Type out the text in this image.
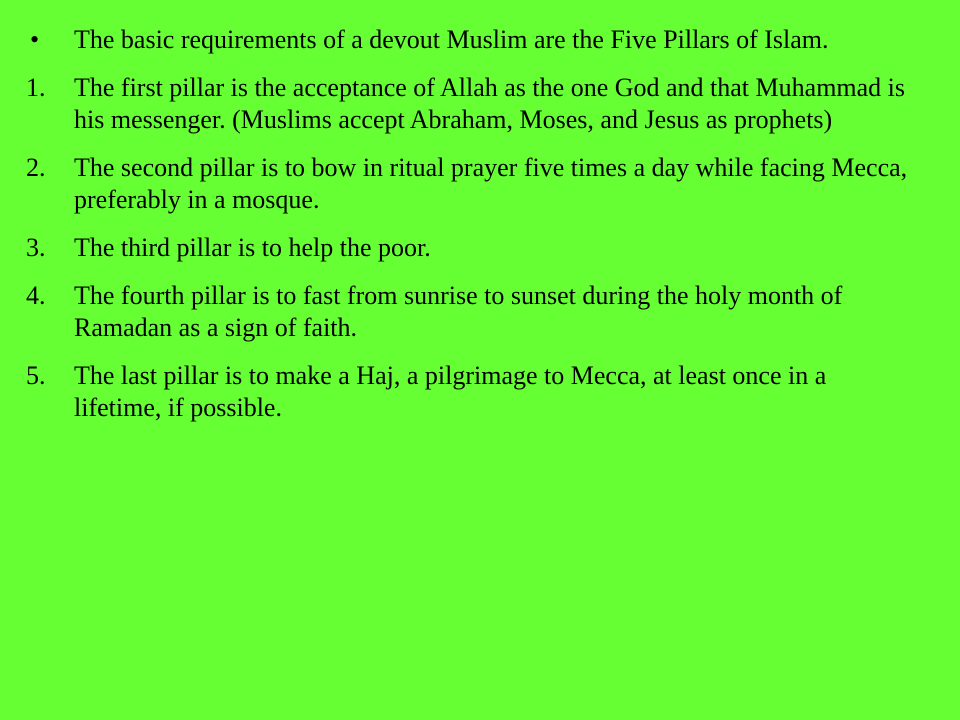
•	The basic requirements of a devout Muslim are the Five Pillars of Islam.
1.	The first pillar is the acceptance of Allah as the one God and that Muhammad is his messenger. (Muslims accept Abraham, Moses, and Jesus as prophets)
2.	The second pillar is to bow in ritual prayer five times a day while facing Mecca, preferably in a mosque.
3.	The third pillar is to help the poor.
4.	The fourth pillar is to fast from sunrise to sunset during the holy month of Ramadan as a sign of faith.
5.	The last pillar is to make a Haj, a pilgrimage to Mecca, at least once in a lifetime, if possible.
